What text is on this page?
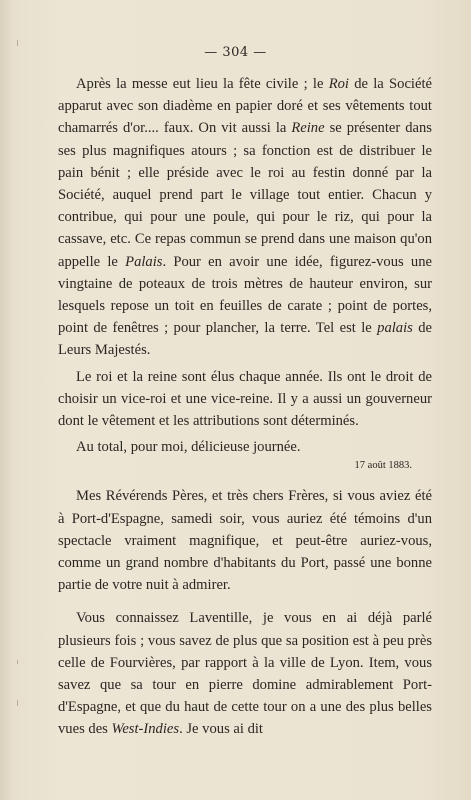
— 304 —

Après la messe eut lieu la fête civile ; le Roi de la Société apparut avec son diadème en papier doré et ses vêtements tout chamarrés d'or.... faux. On vit aussi la Reine se présenter dans ses plus magnifiques atours ; sa fonction est de distribuer le pain bénit ; elle préside avec le roi au festin donné par la Société, auquel prend part le village tout entier. Chacun y contribue, qui pour une poule, qui pour le riz, qui pour la cassave, etc. Ce repas commun se prend dans une maison qu'on appelle le Palais. Pour en avoir une idée, figurez-vous une vingtaine de poteaux de trois mètres de hauteur environ, sur lesquels repose un toit en feuilles de carate ; point de portes, point de fenêtres ; pour plancher, la terre. Tel est le palais de Leurs Majestés.

Le roi et la reine sont élus chaque année. Ils ont le droit de choisir un vice-roi et une vice-reine. Il y a aussi un gouverneur dont le vêtement et les attributions sont déterminés.

Au total, pour moi, délicieuse journée.

17 août 1883.

Mes Révérends Pères, et très chers Frères, si vous aviez été à Port-d'Espagne, samedi soir, vous auriez été témoins d'un spectacle vraiment magnifique, et peut-être auriez-vous, comme un grand nombre d'habitants du Port, passé une bonne partie de votre nuit à admirer.

Vous connaissez Laventille, je vous en ai déjà parlé plusieurs fois ; vous savez de plus que sa position est à peu près celle de Fourvières, par rapport à la ville de Lyon. Item, vous savez que sa tour en pierre domine admirablement Port-d'Espagne, et que du haut de cette tour on a une des plus belles vues des West-Indies. Je vous ai dit
